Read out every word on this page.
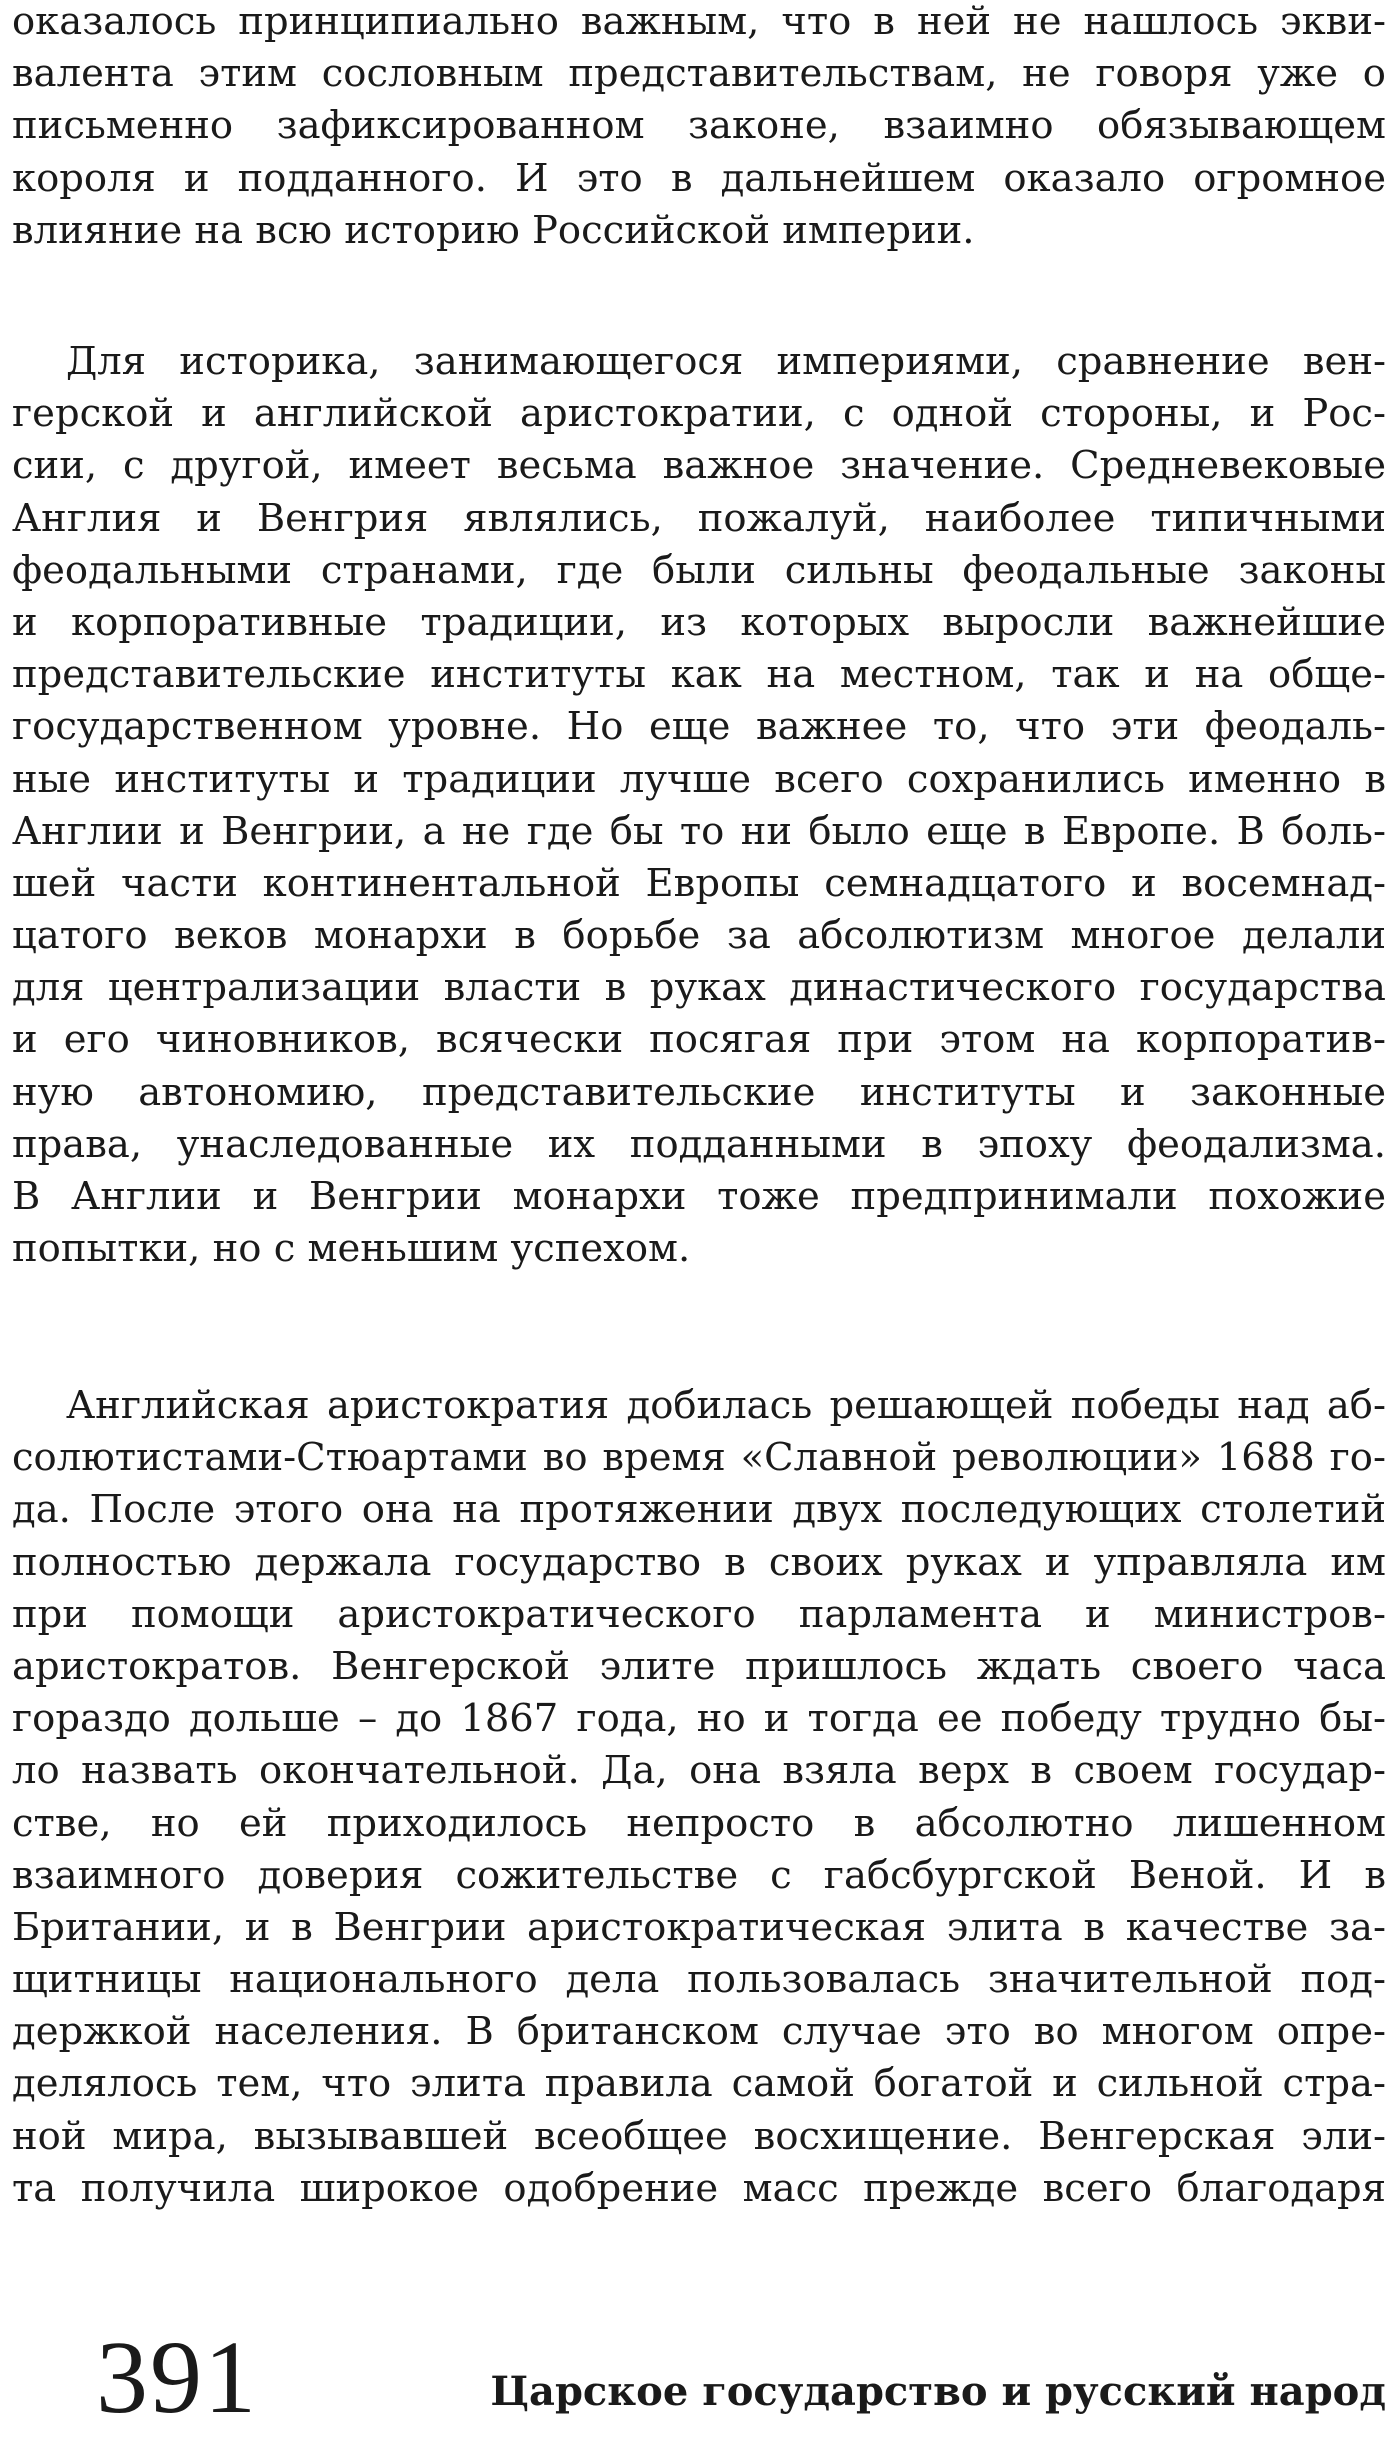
оказалось принципиально важным, что в ней не нашлось экви-
валента этим сословным представительствам, не говоря уже о
письменно зафиксированном законе, взаимно обязывающем
короля и подданного. И это в дальнейшем оказало огромное
влияние на всю историю Российской империи.
Для историка, занимающегося империями, сравнение вен-
герской и английской аристократии, с одной стороны, и Рос-
сии, с другой, имеет весьма важное значение. Средневековые
Англия и Венгрия являлись, пожалуй, наиболее типичными
феодальными странами, где были сильны феодальные законы
и корпоративные традиции, из которых выросли важнейшие
представительские институты как на местном, так и на обще-
государственном уровне. Но еще важнее то, что эти феодаль-
ные институты и традиции лучше всего сохранились именно в
Англии и Венгрии, а не где бы то ни было еще в Европе. В боль-
шей части континентальной Европы семнадцатого и восемнад-
цатого веков монархи в борьбе за абсолютизм многое делали
для централизации власти в руках династического государства
и его чиновников, всячески посягая при этом на корпоратив-
ную автономию, представительские институты и законные
права, унаследованные их подданными в эпоху феодализма.
В Англии и Венгрии монархи тоже предпринимали похожие
попытки, но с меньшим успехом.
Английская аристократия добилась решающей победы над аб-
солютистами-Стюартами во время «Славной революции» 1688 го-
да. После этого она на протяжении двух последующих столетий
полностью держала государство в своих руках и управляла им
при помощи аристократического парламента и министров-
аристократов. Венгерской элите пришлось ждать своего часа
гораздо дольше – до 1867 года, но и тогда ее победу трудно бы-
ло назвать окончательной. Да, она взяла верх в своем государ-
стве, но ей приходилось непросто в абсолютно лишенном
взаимного доверия сожительстве с габсбургской Веной. И в
Британии, и в Венгрии аристократическая элита в качестве за-
щитницы национального дела пользовалась значительной под-
держкой населения. В британском случае это во многом опре-
делялось тем, что элита правила самой богатой и сильной стра-
ной мира, вызывавшей всеобщее восхищение. Венгерская эли-
та получила широкое одобрение масс прежде всего благодаря
391	Царское государство и русский народ
